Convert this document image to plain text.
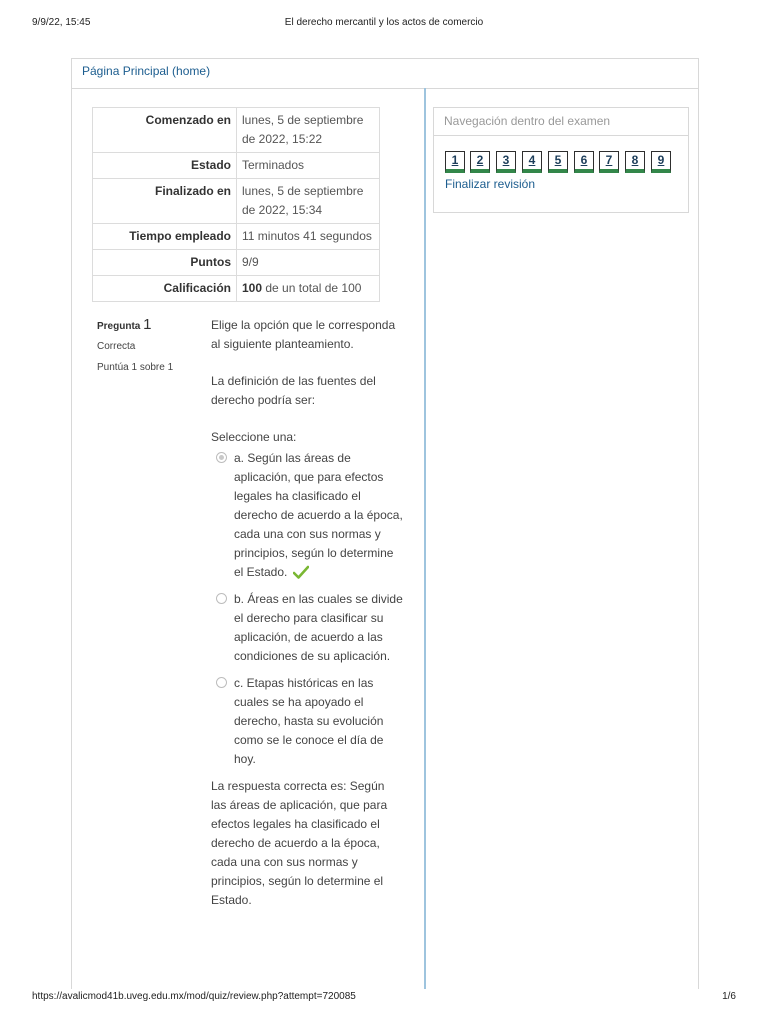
9/9/22, 15:45	El derecho mercantil y los actos de comercio
Página Principal (home)
Comenzado en	lunes, 5 de septiembre de 2022, 15:22
Estado	Terminados
Finalizado en	lunes, 5 de septiembre de 2022, 15:34
Tiempo empleado	11 minutos 41 segundos
Puntos	9/9
Calificación	100 de un total de 100
Pregunta 1
Correcta
Puntúa 1 sobre 1

Elige la opción que le corresponda al siguiente planteamiento.

La definición de las fuentes del derecho podría ser:

Seleccione una:

a. Según las áreas de aplicación, que para efectos legales ha clasificado el derecho de acuerdo a la época, cada una con sus normas y principios, según lo determine el Estado.
b. Áreas en las cuales se divide el derecho para clasificar su aplicación, de acuerdo a las condiciones de su aplicación.
c. Etapas históricas en las cuales se ha apoyado el derecho, hasta su evolución como se le conoce el día de hoy.

La respuesta correcta es: Según las áreas de aplicación, que para efectos legales ha clasificado el derecho de acuerdo a la época, cada una con sus normas y principios, según lo determine el Estado.

Navegación dentro del examen
1	2	3	4	5	6	7	8	9
Finalizar revisión
https://avalicmod41b.uveg.edu.mx/mod/quiz/review.php?attempt=720085	1/6
